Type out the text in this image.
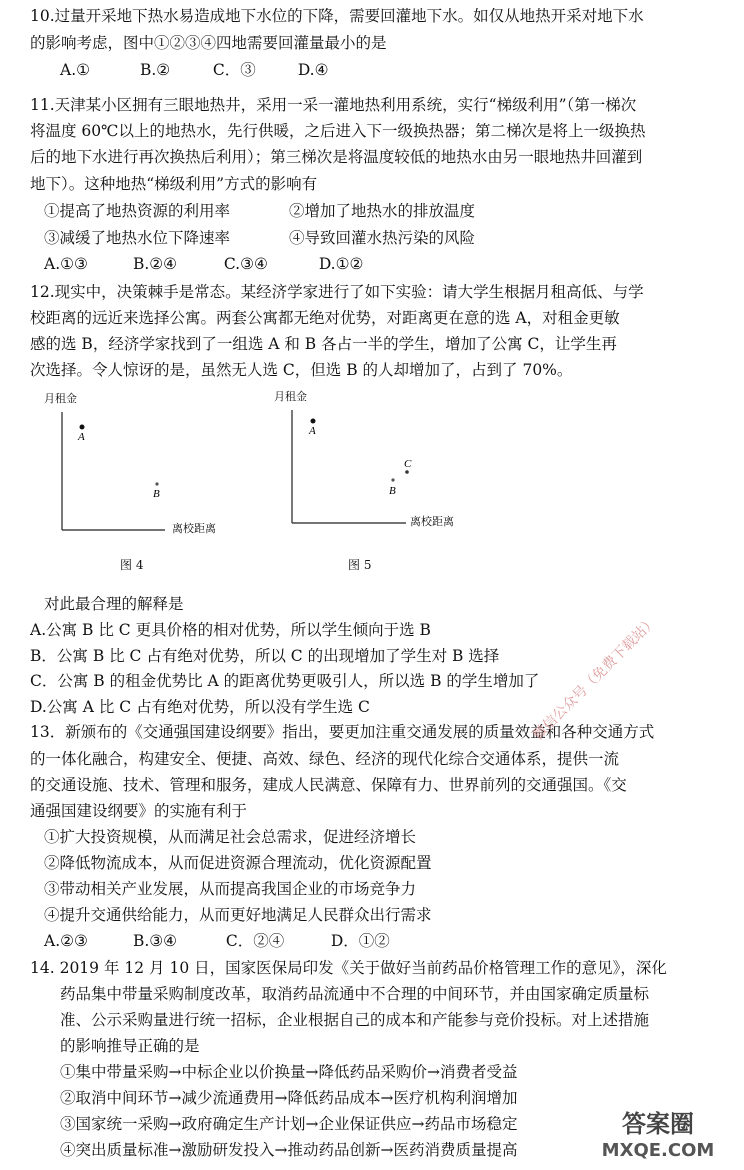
10.过量开采地下热水易造成地下水位的下降，需要回灌地下水。如仅从地热开采对地下水
的影响考虑，图中①②③④四地需要回灌量最小的是
A.①	B.②	C．③	D.④
11.天津某小区拥有三眼地热井，采用一采一灌地热利用系统，实行“梯级利用”（第一梯次
将温度 60℃以上的地热水，先行供暖，之后进入下一级换热器；第二梯次是将上一级换热
后的地下水进行再次换热后利用）；第三梯次是将温度较低的地热水由另一眼地热井回灌到
地下）。这种地热“梯级利用”方式的影响有
①提高了地热资源的利用率	②增加了地热水的排放温度
③减缓了地热水位下降速率	④导致回灌水热污染的风险
A.①③	B.②④	C.③④	D.①②
12.现实中，决策棘手是常态。某经济学家进行了如下实验：请大学生根据月租高低、与学
校距离的远近来选择公寓。两套公寓都无绝对优势，对距离更在意的选 A，对租金更敏
感的选 B，经济学家找到了一组选 A 和 B 各占一半的学生，增加了公寓 C，让学生再
次选择。令人惊讶的是，虽然无人选 C，但选 B 的人却增加了，占到了 70%。
A
B
月租金
离校距离
图 4
A
C
B
月租金
离校距离
图 5
对此最合理的解释是
A.公寓 B 比 C 更具价格的相对优势，所以学生倾向于选 B
B．公寓 B 比 C 占有绝对优势，所以 C 的出现增加了学生对 B 选择
C．公寓 B 的租金优势比 A 的距离优势更吸引人，所以选 B 的学生增加了
D.公寓 A 比 C 占有绝对优势，所以没有学生选 C
13．新颁布的《交通强国建设纲要》指出，要更加注重交通发展的质量效益和各种交通方式
的一体化融合，构建安全、便捷、高效、绿色、经济的现代化综合交通体系，提供一流
的交通设施、技术、管理和服务，建成人民满意、保障有力、世界前列的交通强国。《交
通强国建设纲要》的实施有利于
①扩大投资规模，从而满足社会总需求，促进经济增长
②降低物流成本，从而促进资源合理流动，优化资源配置
③带动相关产业发展，从而提高我国企业的市场竞争力
④提升交通供给能力，从而更好地满足人民群众出行需求
A.②③	B.③④	C．②④	D．①②
14. 2019 年 12 月 10 日，国家医保局印发《关于做好当前药品价格管理工作的意见》，深化
药品集中带量采购制度改革，取消药品流通中不合理的中间环节，并由国家确定质量标
准、公示采购量进行统一招标，企业根据自己的成本和产能参与竞价投标。对上述措施
的影响推导正确的是
①集中带量采购→中标企业以价换量→降低药品采购价→消费者受益
②取消中间环节→减少流通费用→降低药品成本→医疗机构利润增加
③国家统一采购→政府确定生产计划→企业保证供应→药品市场稳定
④突出质量标准→激励研发投入→推动药品创新→医药消费质量提高
微信公众号（免费下载站）
答案圈
MXQE.COM
